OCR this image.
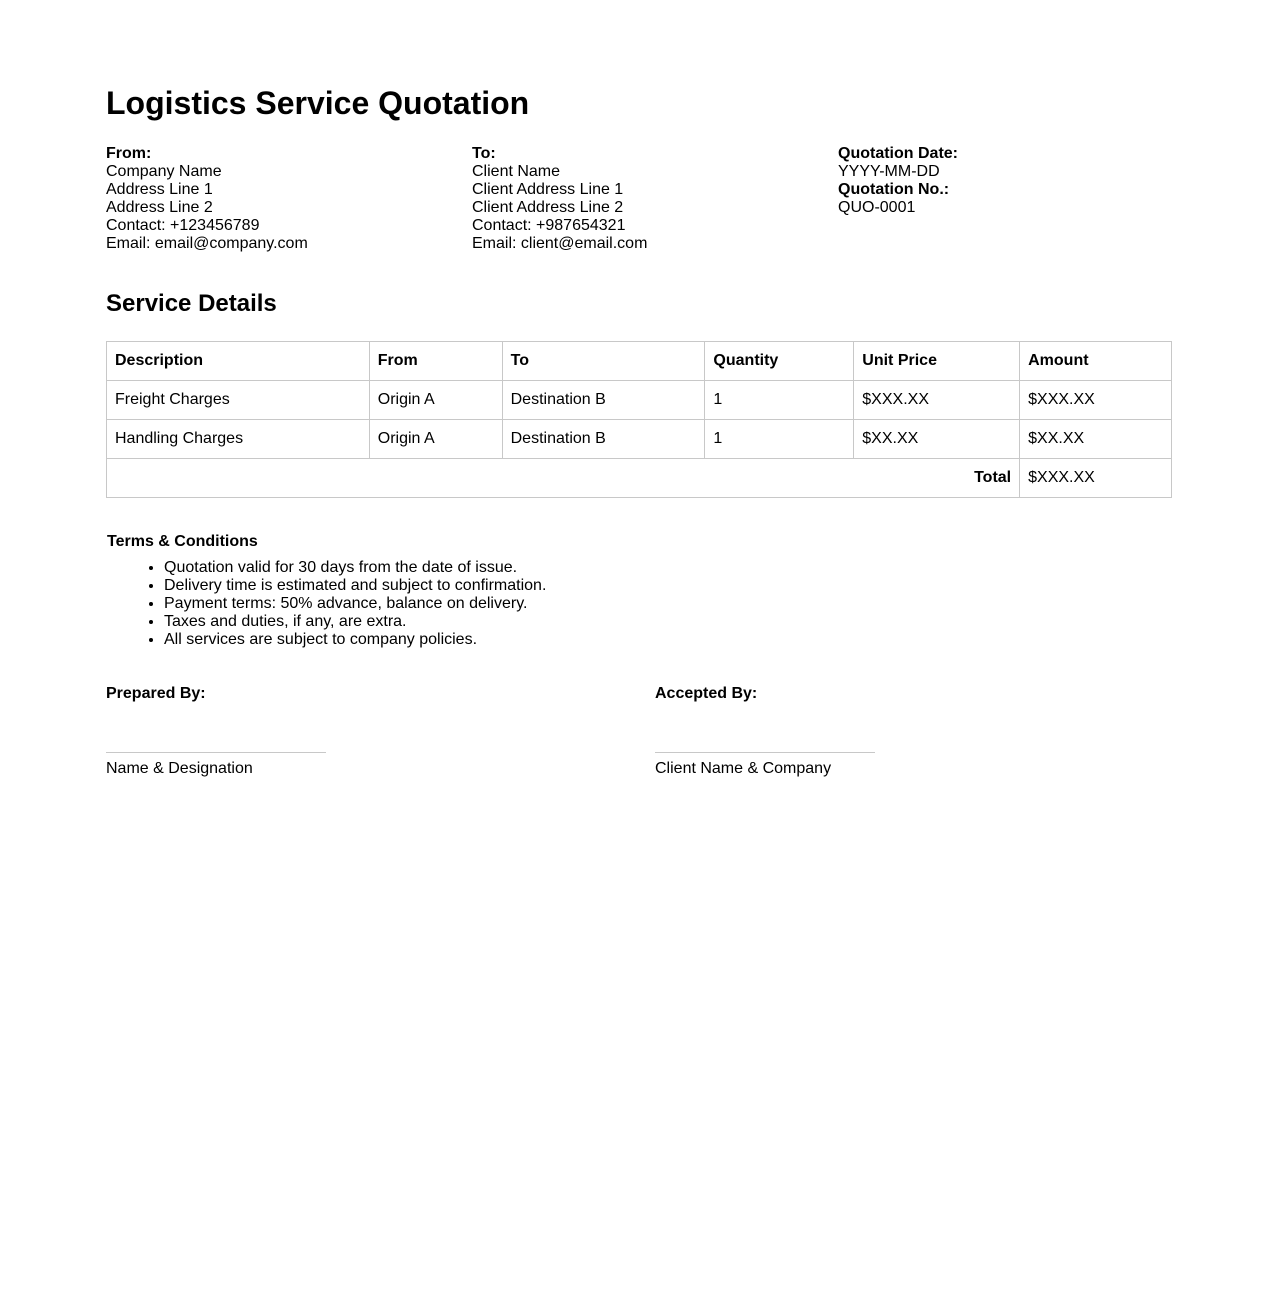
Logistics Service Quotation
From:
Company Name
Address Line 1
Address Line 2
Contact: +123456789
Email: email@company.com
To:
Client Name
Client Address Line 1
Client Address Line 2
Contact: +987654321
Email: client@email.com
Quotation Date:
YYYY-MM-DD
Quotation No.:
QUO-0001
Service Details
Description	From	To	Quantity	Unit Price	Amount
Freight Charges	Origin A	Destination B	1	$XXX.XX	$XXX.XX
Handling Charges	Origin A	Destination B	1	$XX.XX	$XX.XX
Total					$XXX.XX
Terms & Conditions
• Quotation valid for 30 days from the date of issue.
• Delivery time is estimated and subject to confirmation.
• Payment terms: 50% advance, balance on delivery.
• Taxes and duties, if any, are extra.
• All services are subject to company policies.
Prepared By:
Name & Designation
Accepted By:
Client Name & Company
